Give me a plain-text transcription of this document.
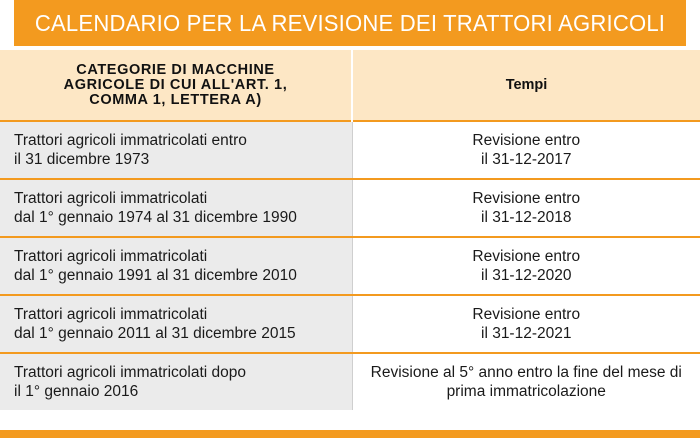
CALENDARIO PER LA REVISIONE DEI TRATTORI AGRICOLI
CATEGORIE DI MACCHINE
AGRICOLE DI CUI ALL'ART. 1,
COMMA 1, LETTERA A)	Tempi

Trattori agricoli immatricolati entro
il 31 dicembre 1973	Revisione entro
il 31-12-2017

Trattori agricoli immatricolati
dal 1° gennaio 1974 al 31 dicembre 1990	Revisione entro
il 31-12-2018

Trattori agricoli immatricolati
dal 1° gennaio 1991 al 31 dicembre 2010	Revisione entro
il 31-12-2020

Trattori agricoli immatricolati
dal 1° gennaio 2011 al 31 dicembre 2015	Revisione entro
il 31-12-2021

Trattori agricoli immatricolati dopo
il 1° gennaio 2016	Revisione al 5° anno entro la fine del mese di
prima immatricolazione
